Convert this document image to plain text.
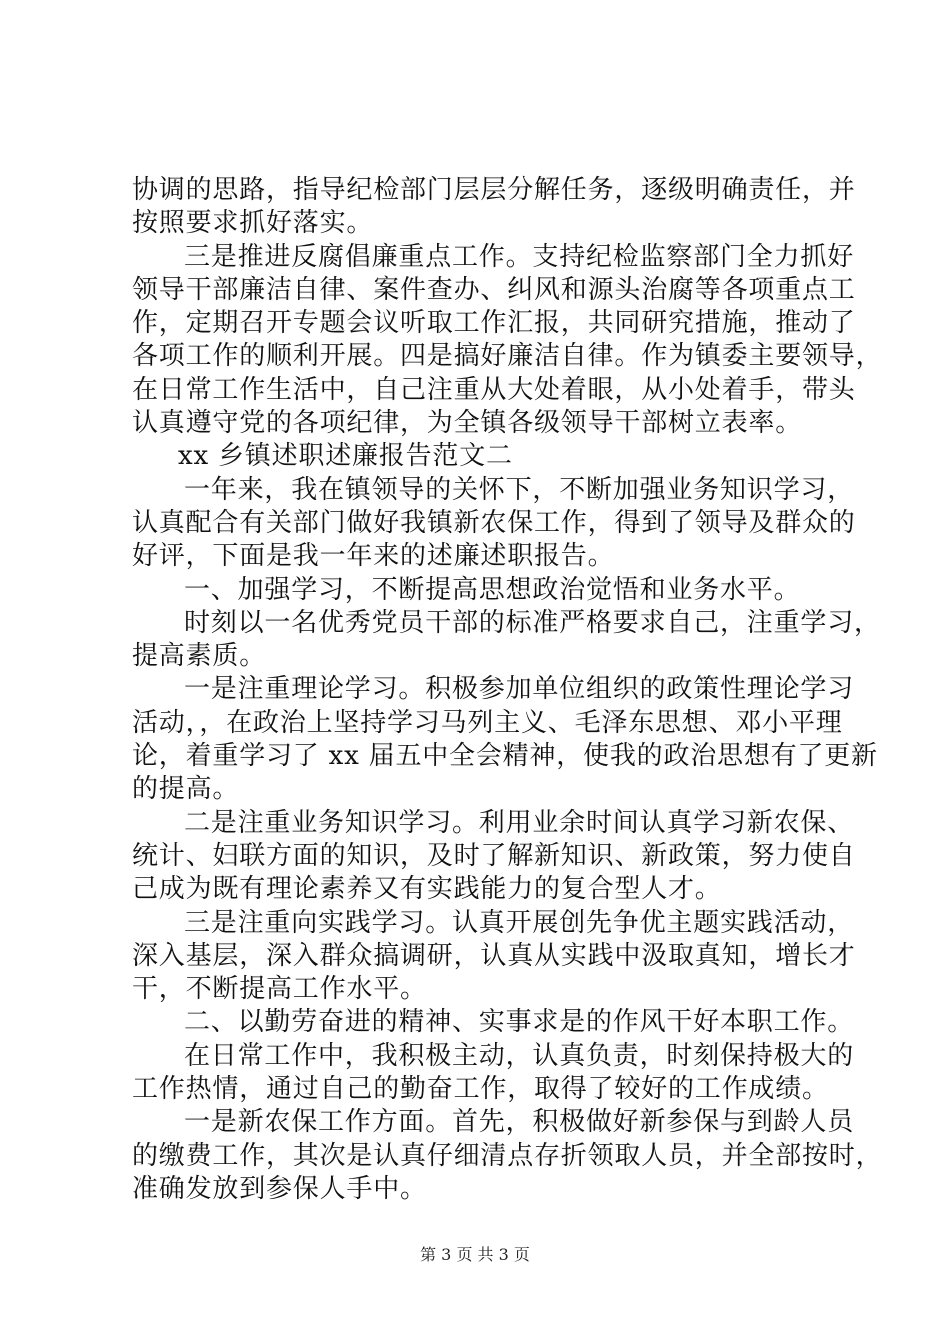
协调的思路，指导纪检部门层层分解任务，逐级明确责任，并
按照要求抓好落实。
三是推进反腐倡廉重点工作。支持纪检监察部门全力抓好
领导干部廉洁自律、案件查办、纠风和源头治腐等各项重点工
作，定期召开专题会议听取工作汇报，共同研究措施，推动了
各项工作的顺利开展。四是搞好廉洁自律。作为镇委主要领导，
在日常工作生活中，自己注重从大处着眼，从小处着手，带头
认真遵守党的各项纪律，为全镇各级领导干部树立表率。
xx 乡镇述职述廉报告范文二
一年来，我在镇领导的关怀下，不断加强业务知识学习，
认真配合有关部门做好我镇新农保工作，得到了领导及群众的
好评，下面是我一年来的述廉述职报告。
一、加强学习，不断提高思想政治觉悟和业务水平。
时刻以一名优秀党员干部的标准严格要求自己，注重学习，
提高素质。
一是注重理论学习。积极参加单位组织的政策性理论学习
活动，，在政治上坚持学习马列主义、毛泽东思想、邓小平理
论，着重学习了 xx 届五中全会精神，使我的政治思想有了更新
的提高。
二是注重业务知识学习。利用业余时间认真学习新农保、
统计、妇联方面的知识，及时了解新知识、新政策，努力使自
己成为既有理论素养又有实践能力的复合型人才。
三是注重向实践学习。认真开展创先争优主题实践活动，
深入基层，深入群众搞调研，认真从实践中汲取真知，增长才
干，不断提高工作水平。
二、以勤劳奋进的精神、实事求是的作风干好本职工作。
在日常工作中，我积极主动，认真负责，时刻保持极大的
工作热情，通过自己的勤奋工作，取得了较好的工作成绩。
一是新农保工作方面。首先，积极做好新参保与到龄人员
的缴费工作，其次是认真仔细清点存折领取人员，并全部按时，
准确发放到参保人手中。
第 3 页 共 3 页
